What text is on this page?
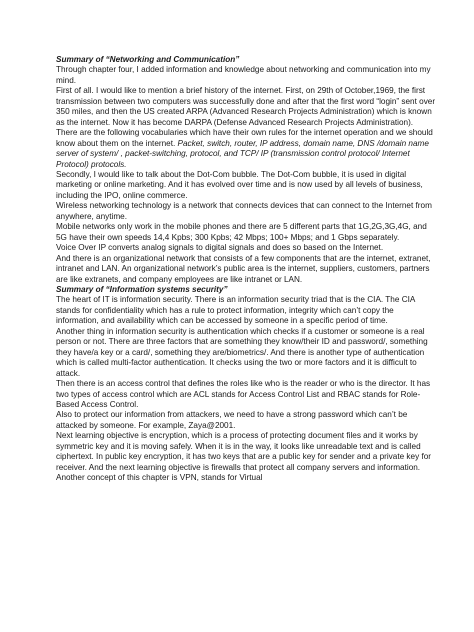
Summary of “Networking and Communication”

Through chapter four, I added information and knowledge about networking and communication into my mind.

First of all. I would like to mention a brief history of the internet. First, on 29th of October,1969, the first transmission between two computers was successfully done and after that the first word “login” sent over 350 miles, and then the US created ARPA (Advanced Research Projects Administration) which is known as the internet. Now it has become DARPA (Defense Advanced Research Projects Administration).

There are the following vocabularies which have their own rules for the internet operation and we should know about them on the internet. Packet, switch, router, IP address, domain name, DNS /domain name server of system/ , packet-switching, protocol, and TCP/ IP (transmission control protocol/ Internet Protocol) protocols.

Secondly, I would like to talk about the Dot-Com bubble. The Dot-Com bubble, it is used in digital marketing or online marketing. And it has evolved over time and is now used by all levels of business, including the IPO, online commerce.

Wireless networking technology is a network that connects devices that can connect to the Internet from anywhere, anytime.

Mobile networks only work in the mobile phones and there are 5 different parts that 1G,2G,3G,4G, and 5G have their own speeds 14,4 Kpbs; 300 Kpbs; 42 Mbps; 100+ Mbps; and 1 Gbps separately.

Voice Over IP converts analog signals to digital signals and does so based on the Internet.

And there is an organizational network that consists of a few components that are the internet, extranet, intranet and LAN. An organizational network’s public area is the internet, suppliers, customers, partners are like extranets, and company employees are like intranet or LAN.

Summary of “Information systems security”

The heart of IT is information security. There is an information security triad that is the CIA. The CIA stands for confidentiality which has a rule to protect information, integrity which can’t copy the information, and availability which can be accessed by someone in a specific period of time.

Another thing in information security is authentication which checks if a customer or someone is a real person or not. There are three factors that are something they know/their ID and password/, something they have/a key or a card/, something they are/biometrics/. And there is another type of authentication which is called multi-factor authentication. It checks using the two or more factors and it is difficult to attack.

Then there is an access control that defines the roles like who is the reader or who is the director. It has two types of access control which are ACL stands for Access Control List and RBAC stands for Role-Based Access Control.

Also to protect our information from attackers, we need to have a strong password which can’t be attacked by someone. For example, Zaya@2001.

Next learning objective is encryption, which is a process of protecting document files and it works by symmetric key and it is moving safely. When it is in the way, it looks like unreadable text and is called ciphertext. In public key encryption, it has two keys that are a public key for sender and a private key for receiver. And the next learning objective is firewalls that protect all company servers and information. Another concept of this chapter is VPN, stands for Virtual
